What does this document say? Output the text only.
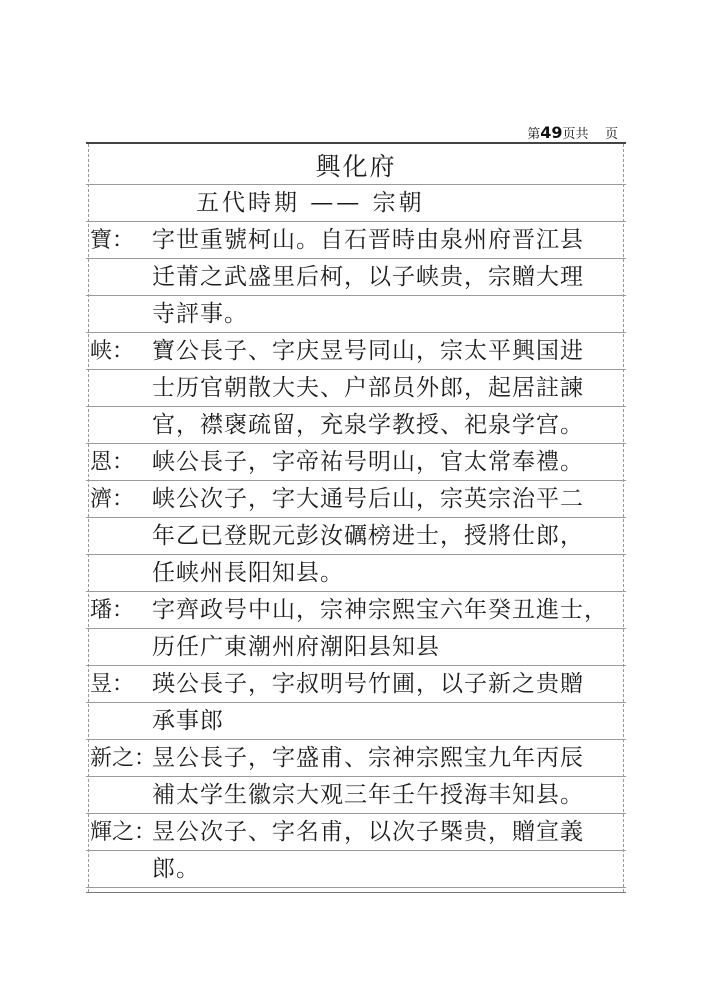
第49页共    页
興化府
五代時期 —— 宗朝
寶： 字世重號柯山。自石晋時由泉州府晋江县
迁莆之武盛里后柯，以子峡贵，宗贈大理
寺評事。
峡： 寶公長子、字庆昱号同山，宗太平興国进
士历官朝散大夫、户部员外郎，起居註諫
官，襟襃疏留，充泉学教授、祀泉学宫。
恩： 峡公長子，字帝祐号明山，官太常奉禮。
濟： 峡公次子，字大通号后山，宗英宗治平二
年乙已登貺元彭汝礪榜进士，授將仕郎，
任峡州長阳知县。
璠： 字齊政号中山，宗神宗熙宝六年癸丑進士，
历任广東潮州府潮阳县知县
昱： 瑛公長子，字叔明号竹圃，以子新之贵贈
承事郎
新之：昱公長子，字盛甫、宗神宗熙宝九年丙辰
補太学生徽宗大观三年壬午授海丰知县。
輝之：昱公次子、字名甫，以次子槩贵，贈宣義
郎。
